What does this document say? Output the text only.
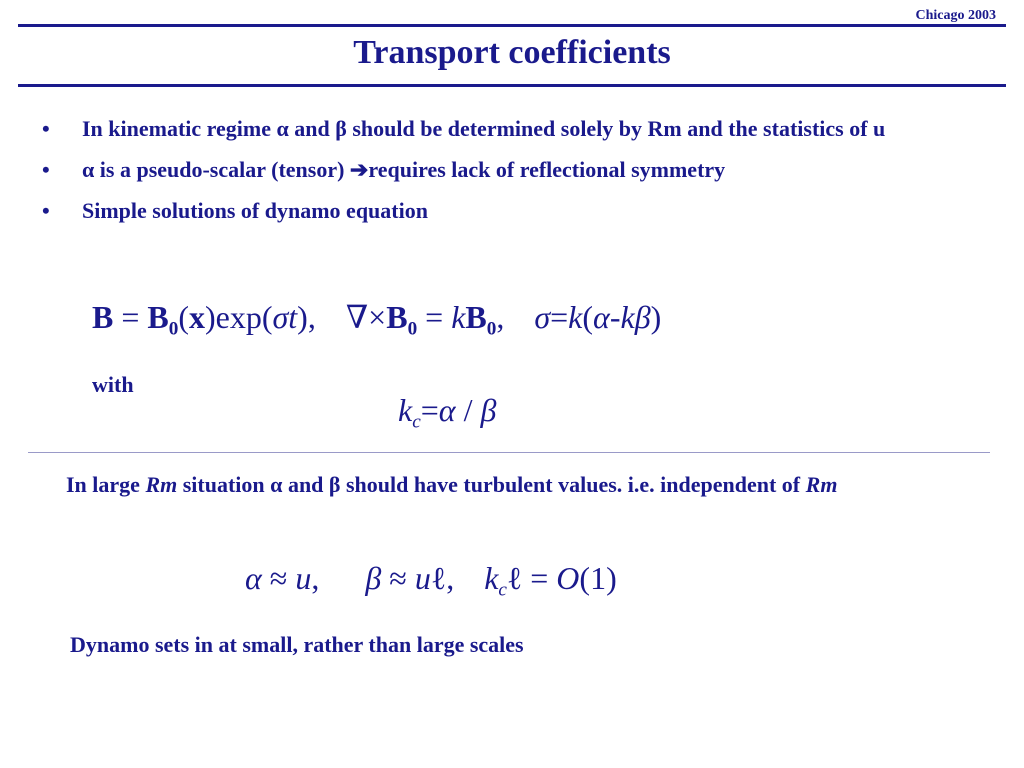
Chicago 2003
Transport coefficients
• In kinematic regime α and β should be determined solely by Rm and the statistics of u
• α is a pseudo-scalar (tensor) ➔requires lack of reflectional symmetry
• Simple solutions of dynamo equation
$B = B_0(x)\exp(\sigma t)$, $\nabla\times B_0 = kB_0$, σ=k(α-kβ)
with
$k_c=\alpha / \beta$
In large Rm situation α and β should have turbulent values. i.e. independent of Rm
α ≈ u, β ≈ uℓ, $k_c\ell = O(1)$
Dynamo sets in at small, rather than large scales
